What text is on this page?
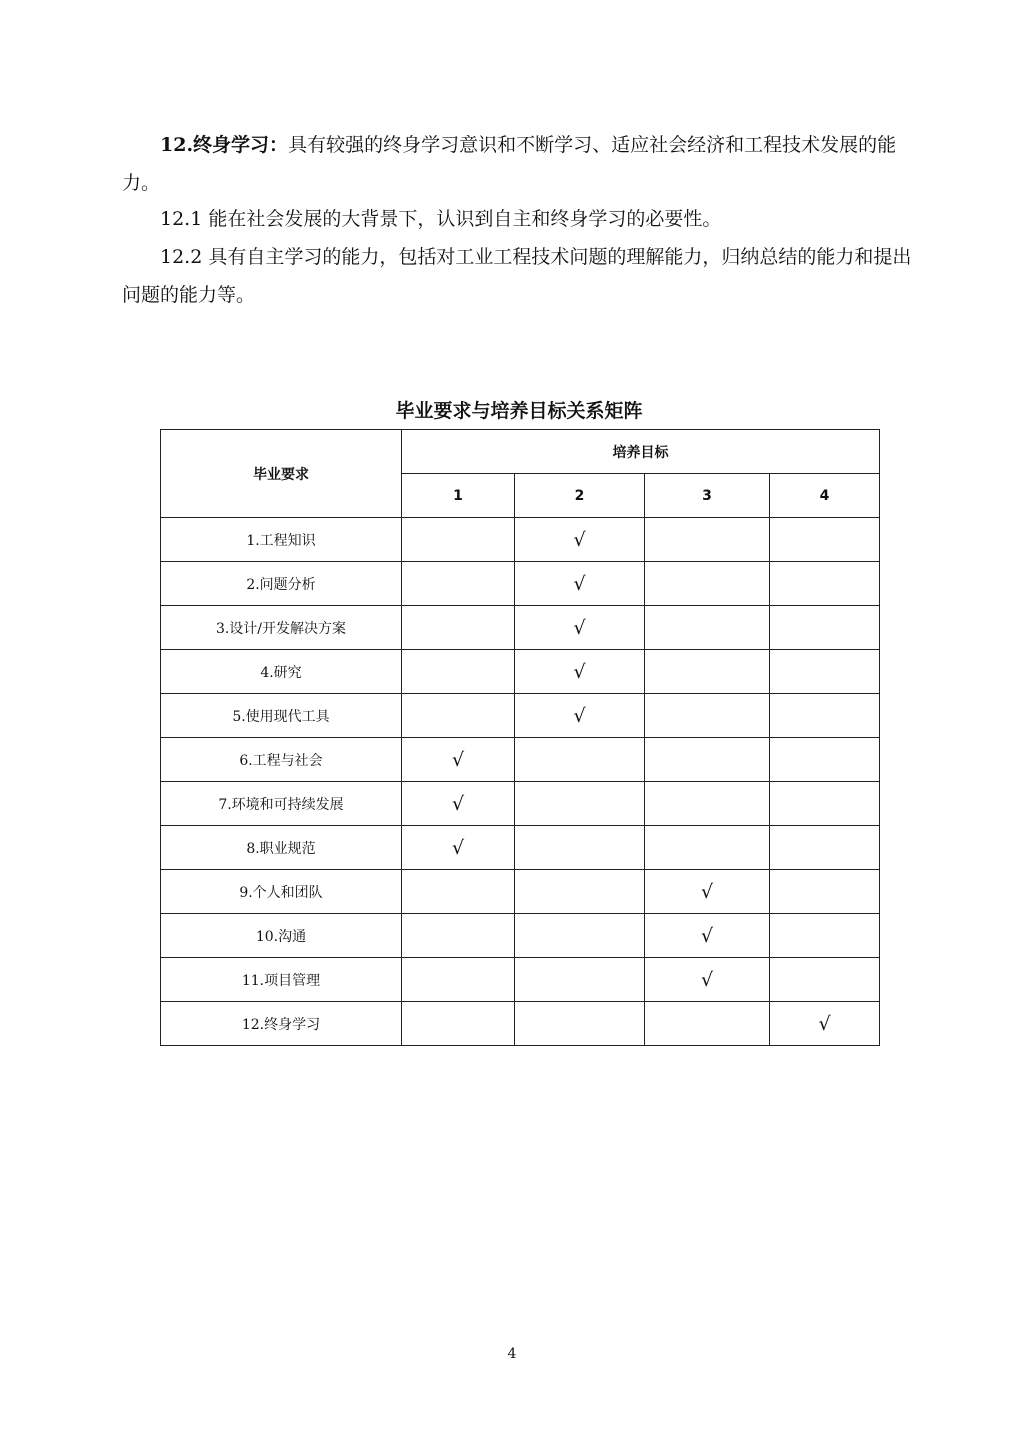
12.终身学习：具有较强的终身学习意识和不断学习、适应社会经济和工程技术发展的能力。
12.1 能在社会发展的大背景下，认识到自主和终身学习的必要性。
12.2 具有自主学习的能力，包括对工业工程技术问题的理解能力，归纳总结的能力和提出问题的能力等。
毕业要求与培养目标关系矩阵
毕业要求	培养目标			
	1	2	3	4
1.工程知识		√		
2.问题分析		√		
3.设计/开发解决方案		√		
4.研究		√		
5.使用现代工具		√		
6.工程与社会	√			
7.环境和可持续发展	√			
8.职业规范	√			
9.个人和团队			√	
10.沟通			√	
11.项目管理			√	
12.终身学习				√
4
